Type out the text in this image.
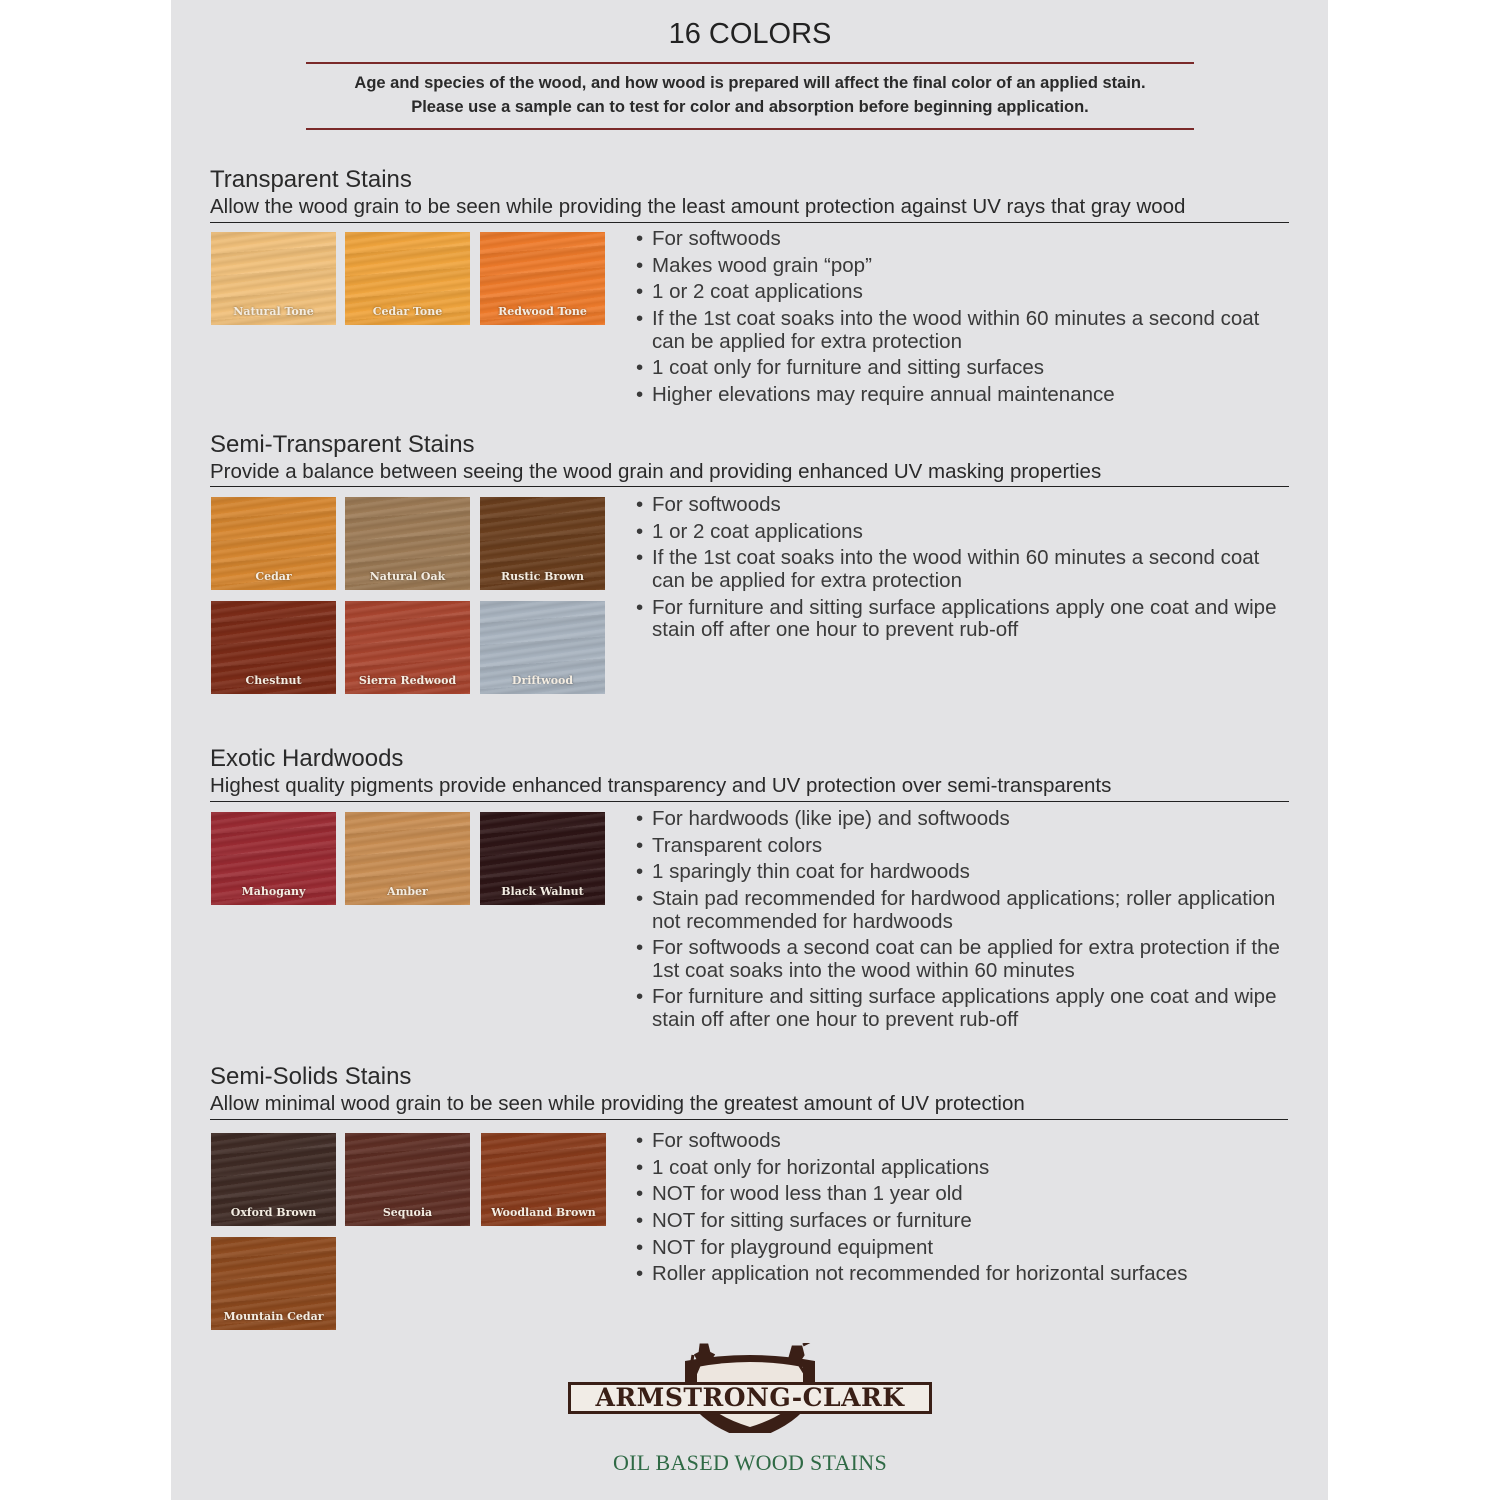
16 COLORS
Age and species of the wood, and how wood is prepared will affect the final color of an applied stain.
Please use a sample can to test for color and absorption before beginning application.
Transparent Stains
Allow the wood grain to be seen while providing the least amount protection against UV rays that gray wood
Natural Tone	Cedar Tone	Redwood Tone
• For softwoods
• Makes wood grain “pop”
• 1 or 2 coat applications
• If the 1st coat soaks into the wood within 60 minutes a second coat can be applied for extra protection
• 1 coat only for furniture and sitting surfaces
• Higher elevations may require annual maintenance
Semi-Transparent Stains
Provide a balance between seeing the wood grain and providing enhanced UV masking properties
Cedar	Natural Oak	Rustic Brown
Chestnut	Sierra Redwood	Driftwood
• For softwoods
• 1 or 2 coat applications
• If the 1st coat soaks into the wood within 60 minutes a second coat can be applied for extra protection
• For furniture and sitting surface applications apply one coat and wipe stain off after one hour to prevent rub-off
Exotic Hardwoods
Highest quality pigments provide enhanced transparency and UV protection over semi-transparents
Mahogany	Amber	Black Walnut
• For hardwoods (like ipe) and softwoods
• Transparent colors
• 1 sparingly thin coat for hardwoods
• Stain pad recommended for hardwood applications; roller application not recommended for hardwoods
• For softwoods a second coat can be applied for extra protection if the 1st coat soaks into the wood within 60 minutes
• For furniture and sitting surface applications apply one coat and wipe stain off after one hour to prevent rub-off
Semi-Solids Stains
Allow minimal wood grain to be seen while providing the greatest amount of UV protection
Oxford Brown	Sequoia	Woodland Brown
Mountain Cedar
• For softwoods
• 1 coat only for horizontal applications
• NOT for wood less than 1 year old
• NOT for sitting surfaces or furniture
• NOT for playground equipment
• Roller application not recommended for horizontal surfaces
ARMSTRONG-CLARK
OIL BASED WOOD STAINS
